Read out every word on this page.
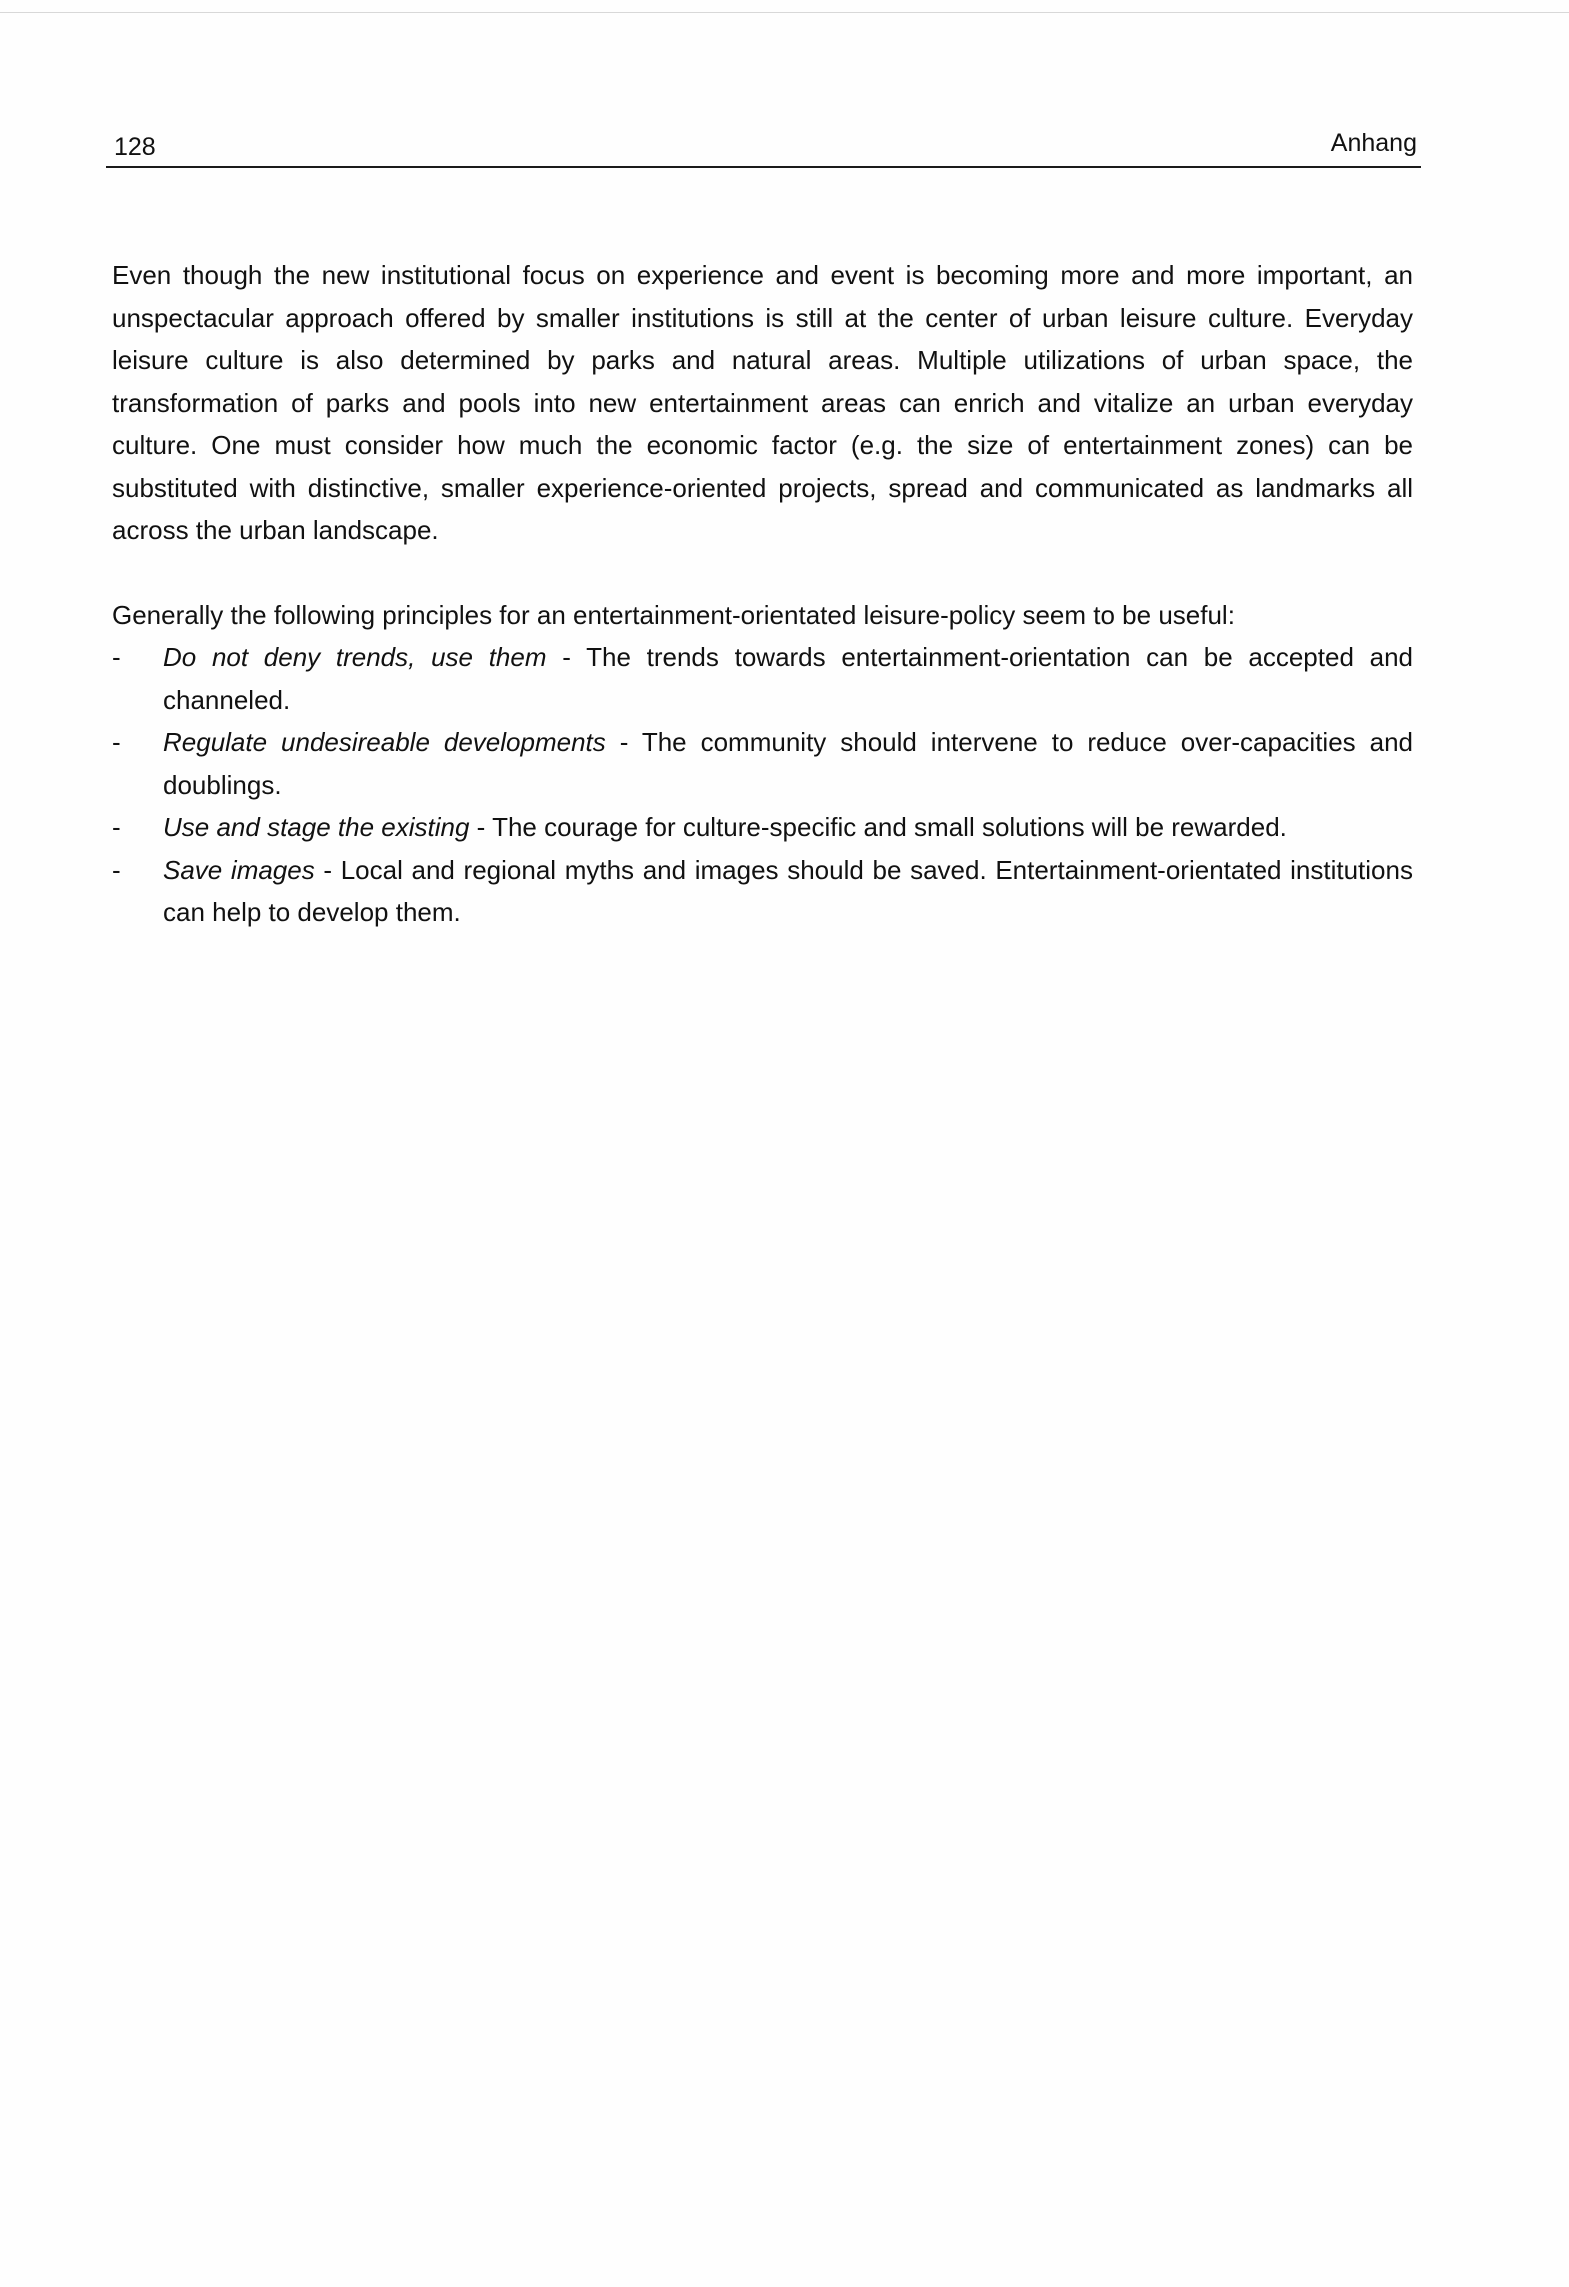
128	Anhang

Even though the new institutional focus on experience and event is becoming more and more important, an unspectacular approach offered by smaller institutions is still at the center of urban leisure culture. Everyday leisure culture is also determined by parks and natural areas. Multiple utilizations of urban space, the transformation of parks and pools into new entertainment areas can enrich and vitalize an urban everyday culture. One must consider how much the economic factor (e.g. the size of entertainment zones) can be substituted with distinctive, smaller experience-oriented projects, spread and communicated as landmarks all across the urban landscape.

Generally the following principles for an entertainment-orientated leisure-policy seem to be useful:

- Do not deny trends, use them - The trends towards entertainment-orientation can be accepted and channeled.
- Regulate undesireable developments - The community should intervene to reduce over-capacities and doublings.
- Use and stage the existing - The courage for culture-specific and small solutions will be rewarded.
- Save images - Local and regional myths and images should be saved. Entertainment-orientated institutions can help to develop them.
